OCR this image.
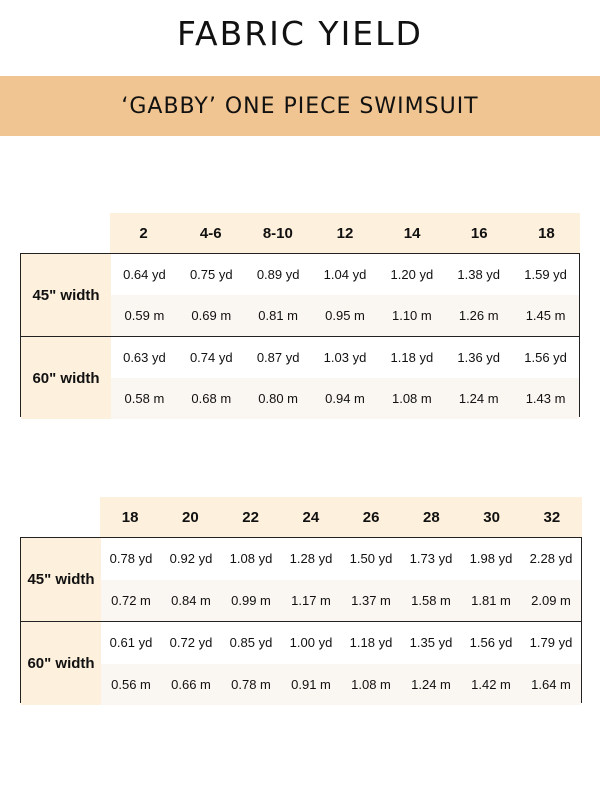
FABRIC YIELD
‘GABBY’ ONE PIECE SWIMSUIT
2	4-6	8-10	12	14	16	18
45" width
0.64 yd	0.75 yd	0.89 yd	1.04 yd	1.20 yd	1.38 yd	1.59 yd
0.59 m	0.69 m	0.81 m	0.95 m	1.10 m	1.26 m	1.45 m
60" width
0.63 yd	0.74 yd	0.87 yd	1.03 yd	1.18 yd	1.36 yd	1.56 yd
0.58 m	0.68 m	0.80 m	0.94 m	1.08 m	1.24 m	1.43 m
18	20	22	24	26	28	30	32
45" width
0.78 yd	0.92 yd	1.08 yd	1.28 yd	1.50 yd	1.73 yd	1.98 yd	2.28 yd
0.72 m	0.84 m	0.99 m	1.17 m	1.37 m	1.58 m	1.81 m	2.09 m
60" width
0.61 yd	0.72 yd	0.85 yd	1.00 yd	1.18 yd	1.35 yd	1.56 yd	1.79 yd
0.56 m	0.66 m	0.78 m	0.91 m	1.08 m	1.24 m	1.42 m	1.64 m
